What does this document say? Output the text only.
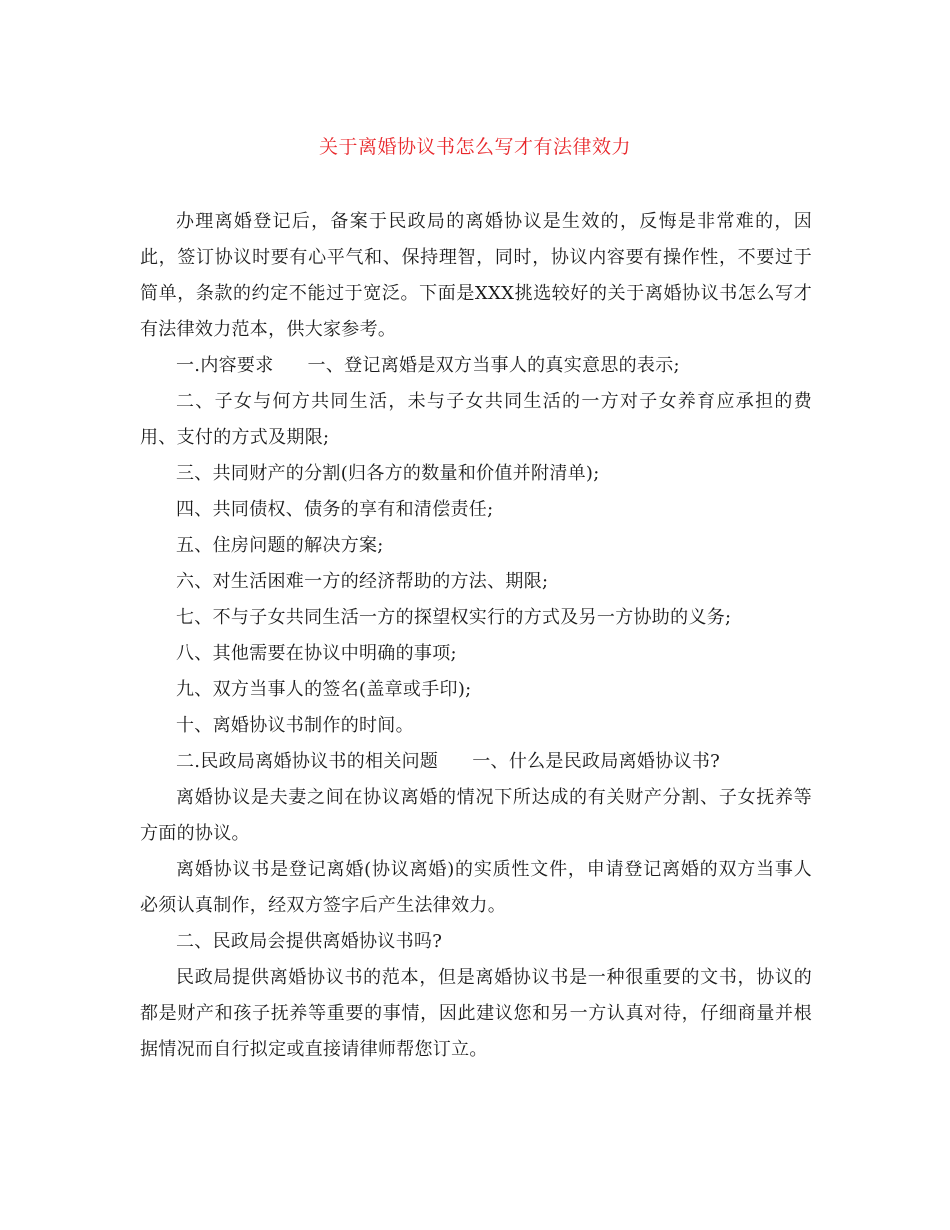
关于离婚协议书怎么写才有法律效力

办理离婚登记后，备案于民政局的离婚协议是生效的，反悔是非常难的，因此，签订协议时要有心平气和、保持理智，同时，协议内容要有操作性，不要过于简单，条款的约定不能过于宽泛。下面是XXX挑选较好的关于离婚协议书怎么写才有法律效力范本，供大家参考。

一.内容要求 一、登记离婚是双方当事人的真实意思的表示;

二、子女与何方共同生活，未与子女共同生活的一方对子女养育应承担的费用、支付的方式及期限;

三、共同财产的分割(归各方的数量和价值并附清单);

四、共同债权、债务的享有和清偿责任;

五、住房问题的解决方案;

六、对生活困难一方的经济帮助的方法、期限;

七、不与子女共同生活一方的探望权实行的方式及另一方协助的义务;

八、其他需要在协议中明确的事项;

九、双方当事人的签名(盖章或手印);

十、离婚协议书制作的时间。

二.民政局离婚协议书的相关问题 一、什么是民政局离婚协议书?

离婚协议是夫妻之间在协议离婚的情况下所达成的有关财产分割、子女抚养等方面的协议。

离婚协议书是登记离婚(协议离婚)的实质性文件，申请登记离婚的双方当事人必须认真制作，经双方签字后产生法律效力。

二、民政局会提供离婚协议书吗?

民政局提供离婚协议书的范本，但是离婚协议书是一种很重要的文书，协议的都是财产和孩子抚养等重要的事情，因此建议您和另一方认真对待，仔细商量并根据情况而自行拟定或直接请律师帮您订立。
